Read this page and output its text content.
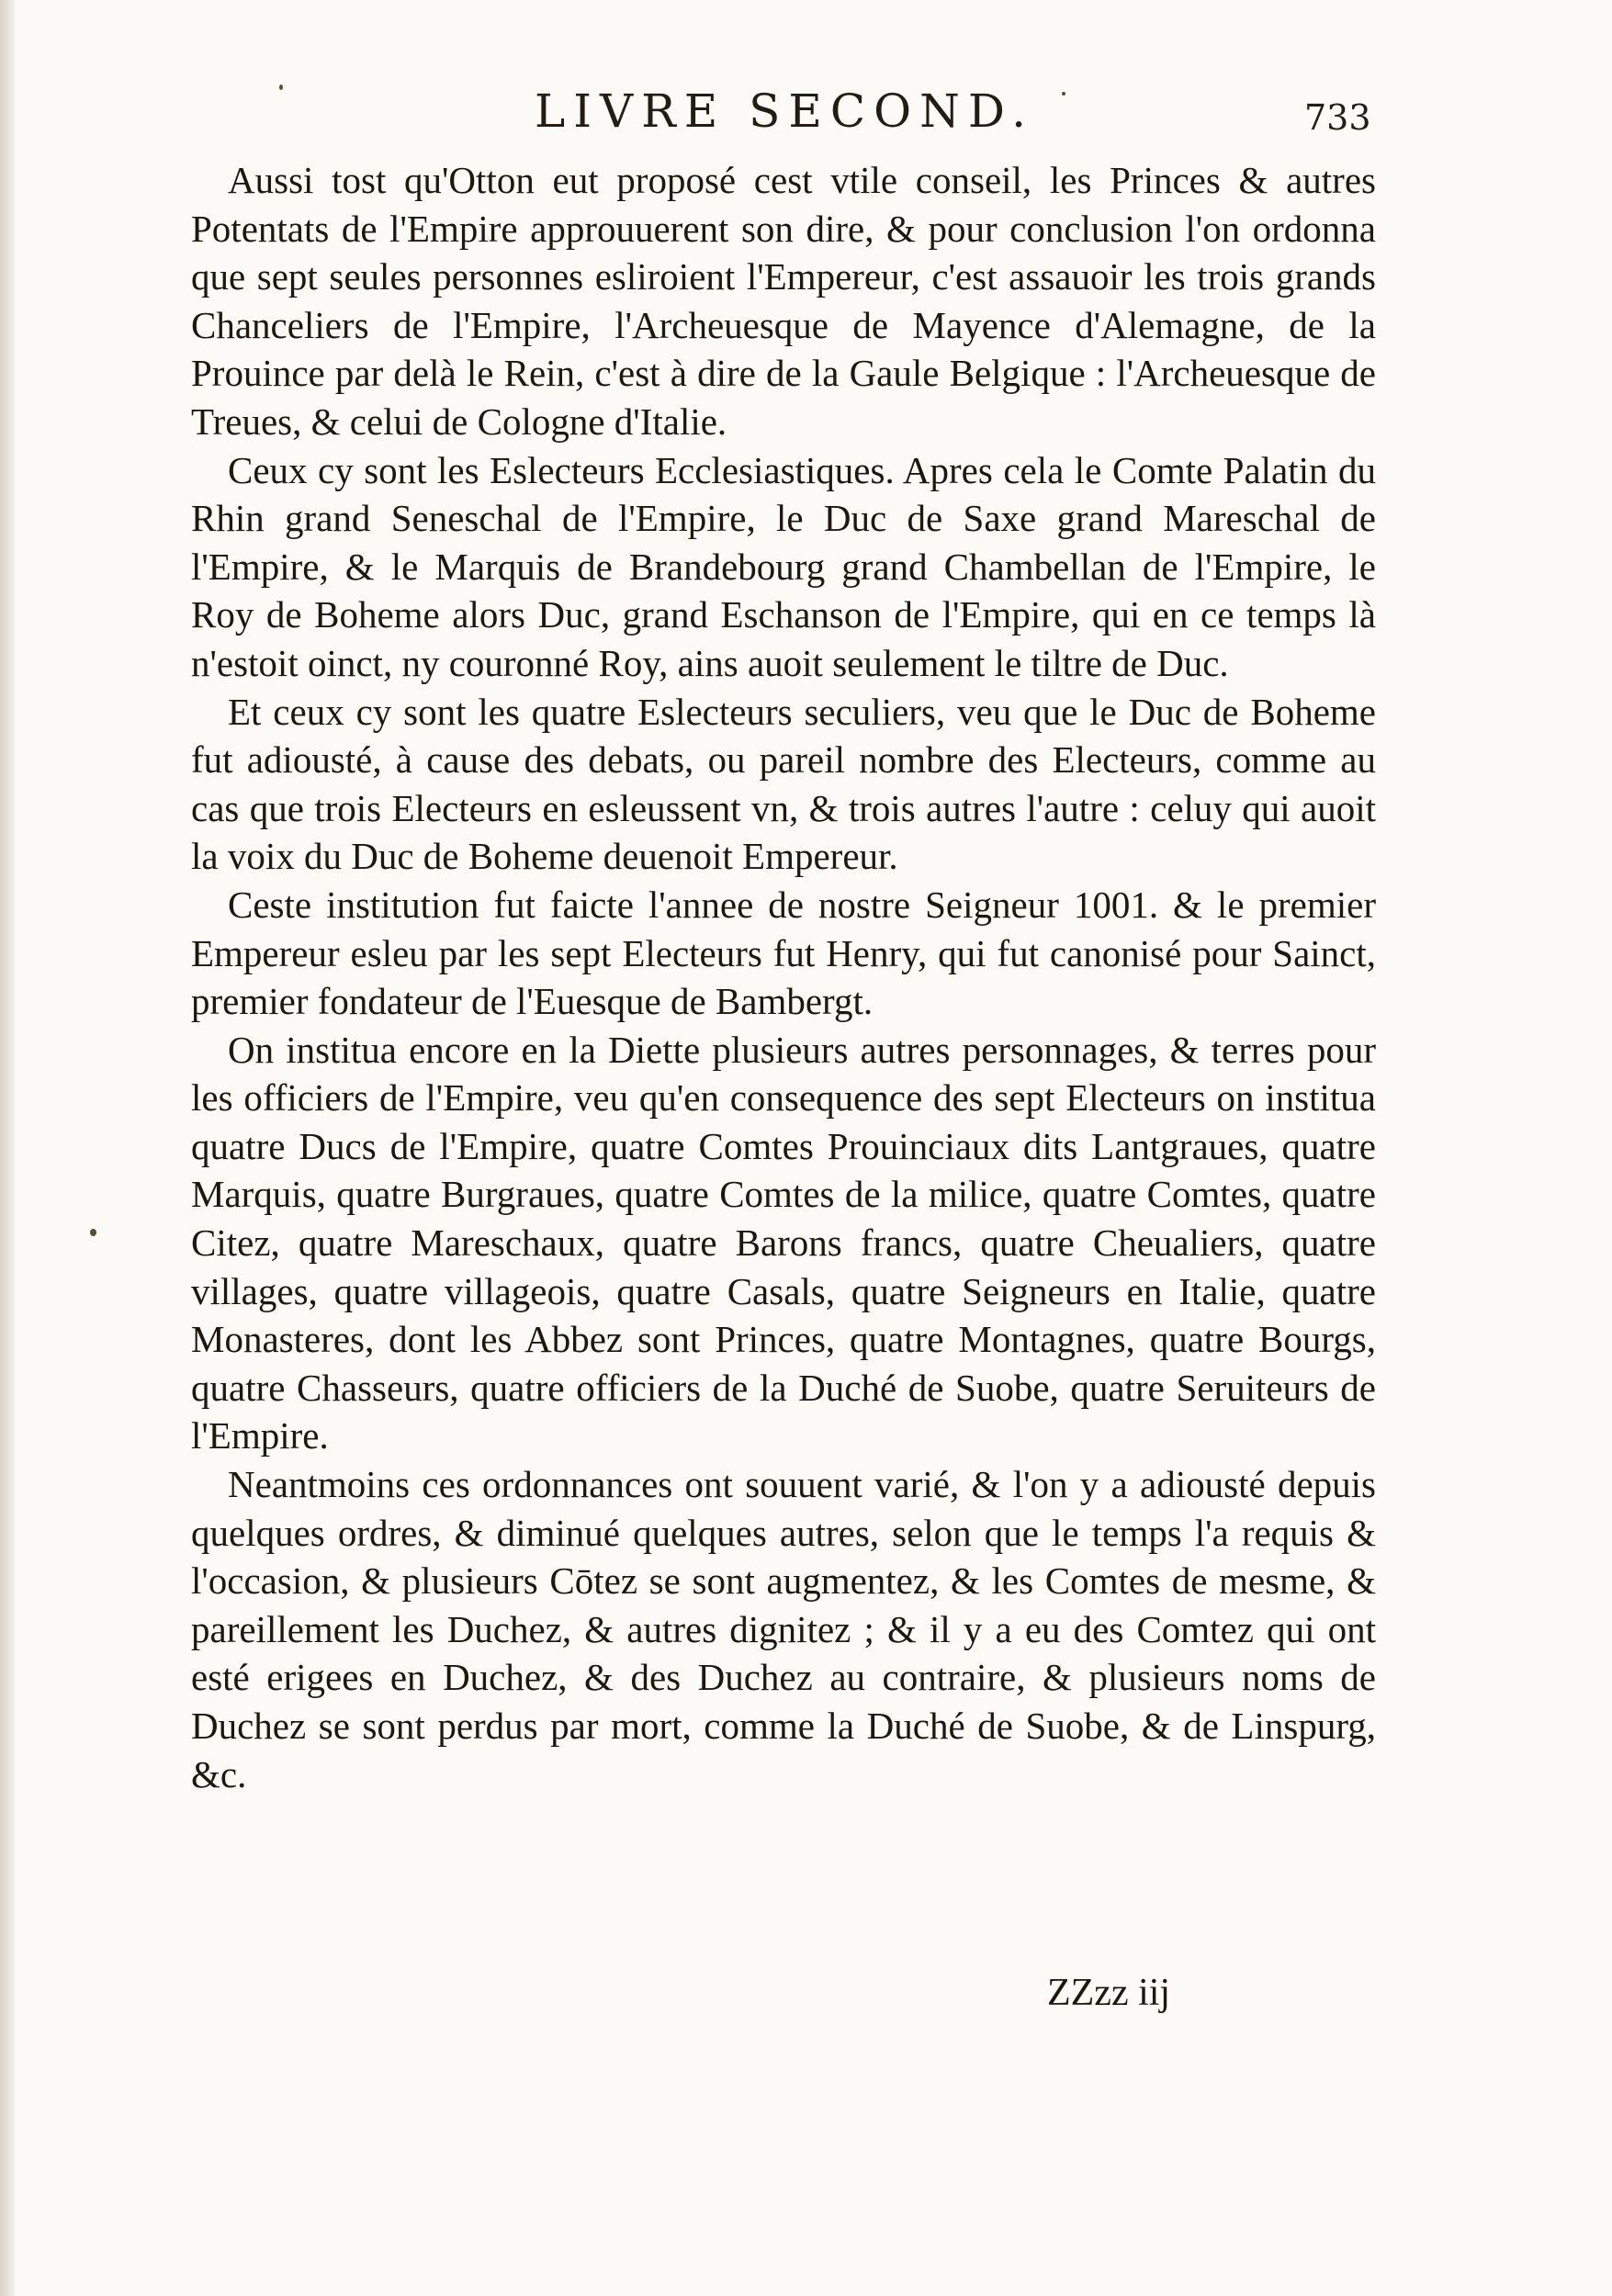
LIVRE SECOND.	733

Aussi tost qu'Otton eut proposé cest vtile conseil, les Princes & autres Potentats de l'Empire approuuerent son dire, & pour conclusion l'on ordonna que sept seules personnes esliroient l'Empereur, c'est assauoir les trois grands Chanceliers de l'Empire, l'Archeuesque de Mayence d'Alemagne, de la Prouince par delà le Rein, c'est à dire de la Gaule Belgique : l'Archeuesque de Treues, & celui de Cologne d'Italie.

Ceux cy sont les Eslecteurs Ecclesiastiques. Apres cela le Comte Palatin du Rhin grand Seneschal de l'Empire, le Duc de Saxe grand Mareschal de l'Empire, & le Marquis de Brandebourg grand Chambellan de l'Empire, le Roy de Boheme alors Duc, grand Eschanson de l'Empire, qui en ce temps là n'estoit oinct, ny couronné Roy, ains auoit seulement le tiltre de Duc.

Et ceux cy sont les quatre Eslecteurs seculiers, veu que le Duc de Boheme fut adiousté, à cause des debats, ou pareil nombre des Electeurs, comme au cas que trois Electeurs en esleussent vn, & trois autres l'autre : celuy qui auoit la voix du Duc de Boheme deuenoit Empereur.

Ceste institution fut faicte l'annee de nostre Seigneur 1001. & le premier Empereur esleu par les sept Electeurs fut Henry, qui fut canonisé pour Sainct, premier fondateur de l'Euesque de Bambergt.

On institua encore en la Diette plusieurs autres personnages, & terres pour les officiers de l'Empire, veu qu'en consequence des sept Electeurs on institua quatre Ducs de l'Empire, quatre Comtes Prouinciaux dits Lantgraues, quatre Marquis, quatre Burgraues, quatre Comtes de la milice, quatre Comtes, quatre Citez, quatre Mareschaux, quatre Barons francs, quatre Cheualiers, quatre villages, quatre villageois, quatre Casals, quatre Seigneurs en Italie, quatre Monasteres, dont les Abbez sont Princes, quatre Montagnes, quatre Bourgs, quatre Chasseurs, quatre officiers de la Duché de Suobe, quatre Seruiteurs de l'Empire.

Neantmoins ces ordonnances ont souuent varié, & l'on y a adiousté depuis quelques ordres, & diminué quelques autres, selon que le temps l'a requis & l'occasion, & plusieurs Cōtez se sont augmentez, & les Comtes de mesme, & pareillement les Duchez, & autres dignitez ; & il y a eu des Comtez qui ont esté erigees en Duchez, & des Duchez au contraire, & plusieurs noms de Duchez se sont perdus par mort, comme la Duché de Suobe, & de Linspurg, &c.

ZZzz iij
